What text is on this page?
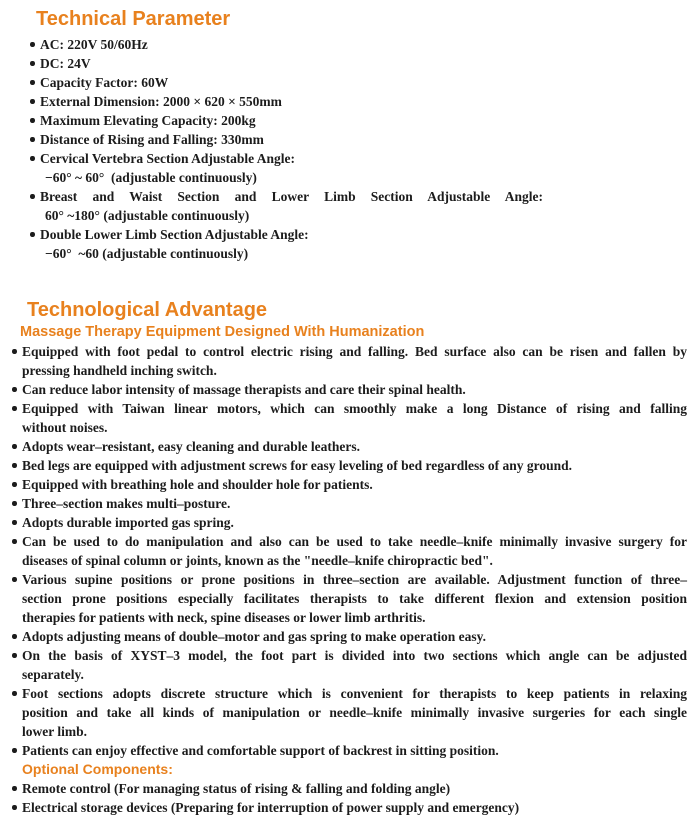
Technical Parameter
AC: 220V 50/60Hz
DC: 24V
Capacity Factor: 60W
External Dimension: 2000 × 620 × 550mm
Maximum Elevating Capacity: 200kg
Distance of Rising and Falling: 330mm
Cervical Vertebra Section Adjustable Angle:
−60° ~ 60°  (adjustable continuously)
Breast and Waist Section and Lower Limb Section Adjustable Angle:
60° ~180° (adjustable continuously)
Double Lower Limb Section Adjustable Angle:
−60°  ~60 (adjustable continuously)
Technological Advantage
Massage Therapy Equipment Designed With Humanization
Equipped with foot pedal to control electric rising and falling. Bed surface also can be risen and fallen by
pressing handheld inching switch.
Can reduce labor intensity of massage therapists and care their spinal health.
Equipped with Taiwan linear motors, which can smoothly make a long Distance of rising and falling
without noises.
Adopts wear–resistant, easy cleaning and durable leathers.
Bed legs are equipped with adjustment screws for easy leveling of bed regardless of any ground.
Equipped with breathing hole and shoulder hole for patients.
Three–section makes multi–posture.
Adopts durable imported gas spring.
Can be used to do manipulation and also can be used to take needle–knife minimally invasive surgery for
diseases of spinal column or joints, known as the "needle–knife chiropractic bed".
Various supine positions or prone positions in three–section are available. Adjustment function of three–
section prone positions especially facilitates therapists to take different flexion and extension position
therapies for patients with neck, spine diseases or lower limb arthritis.
Adopts adjusting means of double–motor and gas spring to make operation easy.
On the basis of XYST–3 model, the foot part is divided into two sections which angle can be adjusted
separately.
Foot sections adopts discrete structure which is convenient for therapists to keep patients in relaxing
position and take all kinds of manipulation or needle–knife minimally invasive surgeries for each single
lower limb.
Patients can enjoy effective and comfortable support of backrest in sitting position.
Optional Components:
Remote control (For managing status of rising & falling and folding angle)
Electrical storage devices (Preparing for interruption of power supply and emergency)
